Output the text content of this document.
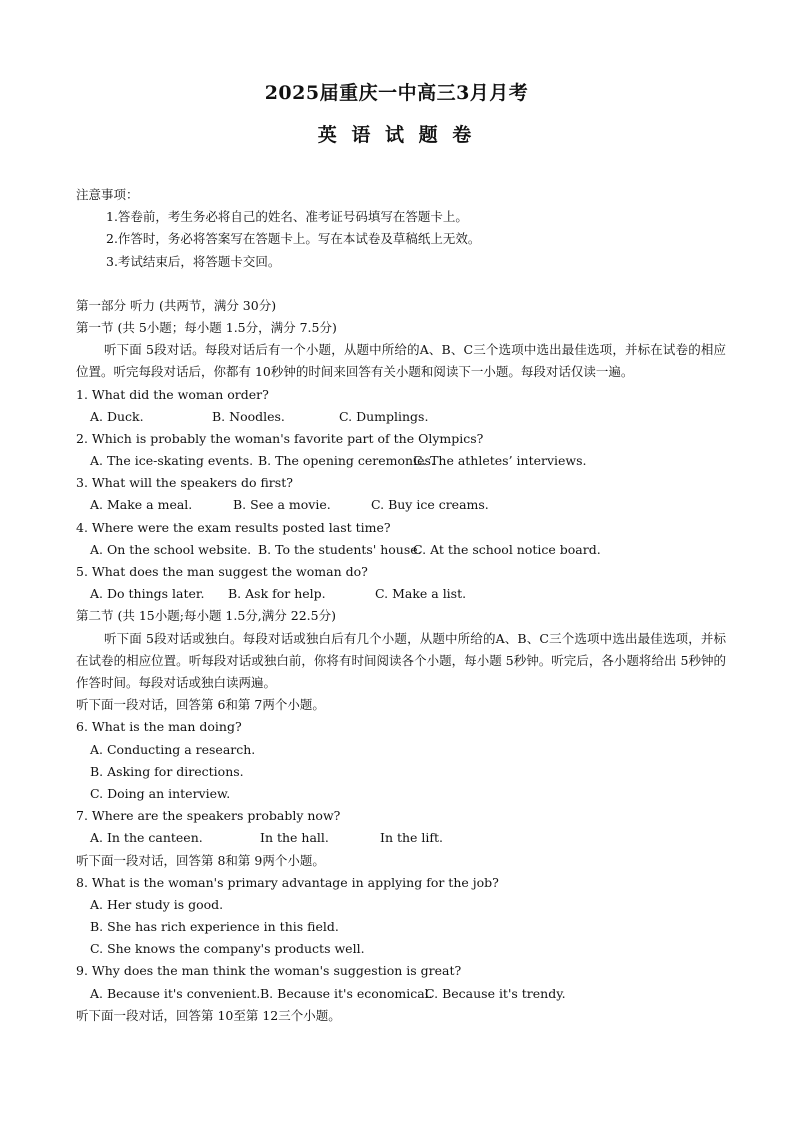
2025届重庆一中高三3月月考
英 语 试 题 卷
注意事项：
1.答卷前，考生务必将自己的姓名、准考证号码填写在答题卡上。
2.作答时，务必将答案写在答题卡上。写在本试卷及草稿纸上无效。
3.考试结束后，将答题卡交回。
第一部分 听力 (共两节，满分 30分)
第一节 (共 5小题；每小题 1.5分，满分 7.5分)
听下面 5段对话。每段对话后有一个小题，从题中所给的A、B、C三个选项中选出最佳选项，并标在试卷的相应位置。听完每段对话后，你都有 10秒钟的时间来回答有关小题和阅读下一小题。每段对话仅读一遍。
1. What did the woman order?
A. Duck.	B. Noodles.	C. Dumplings.
2. Which is probably the woman's favorite part of the Olympics?
A. The ice-skating events. B. The opening ceremonies.C. The athletes’ interviews.
3. What will the speakers do first?
A. Make a meal.	B. See a movie.	C. Buy ice creams.
4. Where were the exam results posted last time?
A. On the school website. B. To the students' house.C. At the school notice board.
5. What does the man suggest the woman do?
A. Do things later. B. Ask for help.	C. Make a list.
第二节 (共 15小题;每小题 1.5分,满分 22.5分)
听下面 5段对话或独白。每段对话或独白后有几个小题，从题中所给的A、B、C三个选项中选出最佳选项，并标在试卷的相应位置。听每段对话或独白前，你将有时间阅读各个小题，每小题 5秒钟。听完后，各小题将给出 5秒钟的作答时间。每段对话或独白读两遍。
听下面一段对话，回答第 6和第 7两个小题。
6. What is the man doing?
A. Conducting a research.
B. Asking for directions.
C. Doing an interview.
7. Where are the speakers probably now?
A. In the canteen.	In the hall.	In the lift.
听下面一段对话，回答第 8和第 9两个小题。
8. What is the woman's primary advantage in applying for the job?
A. Her study is good.
B. She has rich experience in this field.
C. She knows the company's products well.
9. Why does the man think the woman's suggestion is great?
A. Because it's convenient.B. Because it's economical.C. Because it's trendy.
听下面一段对话，回答第 10至第 12三个小题。
